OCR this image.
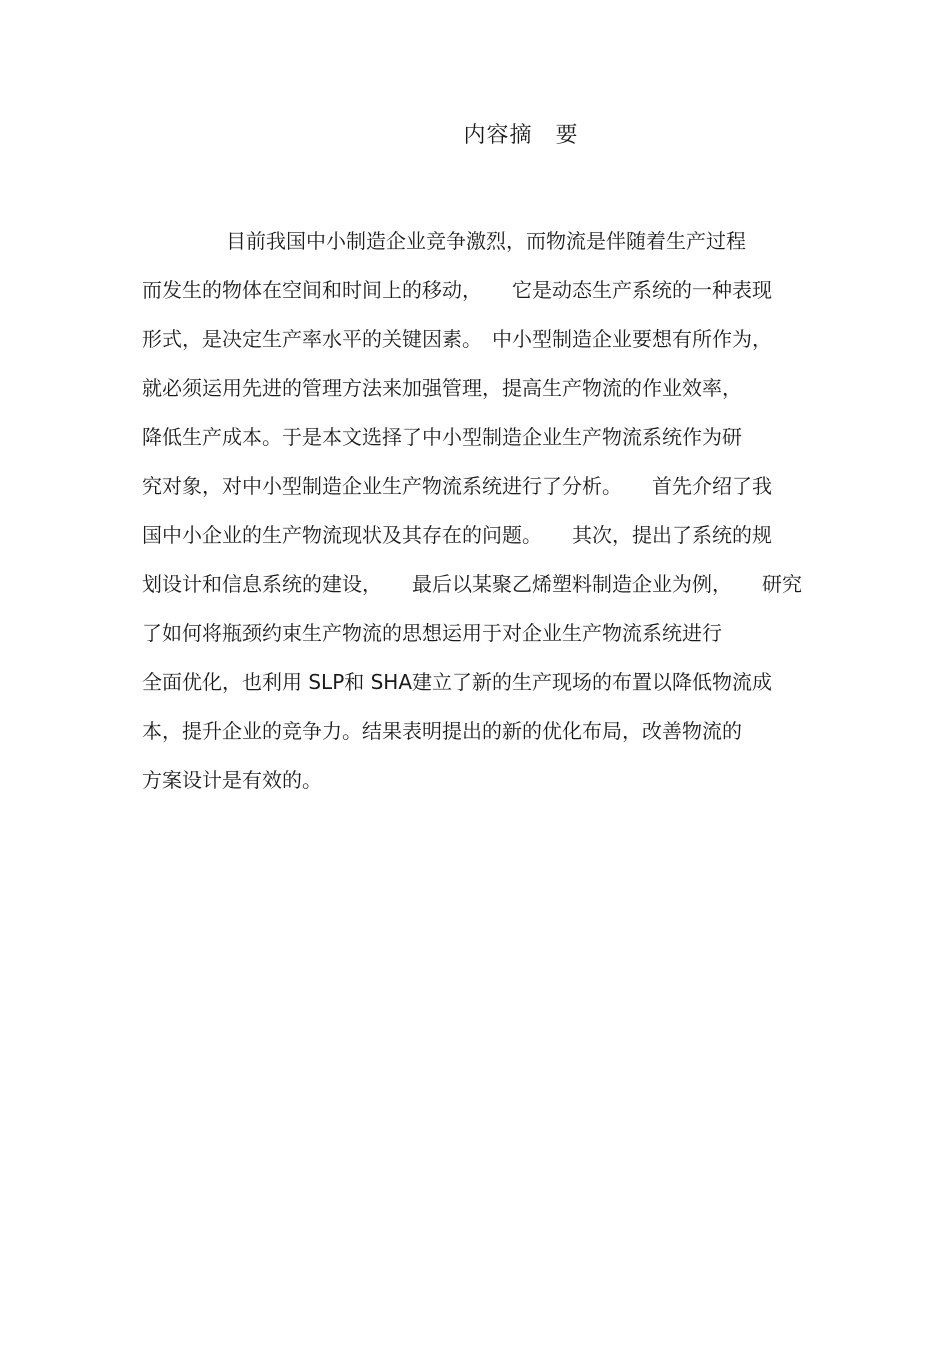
内容摘　要
目前我国中小制造企业竞争激烈，而物流是伴随着生产过程
而发生的物体在空间和时间上的移动，　　它是动态生产系统的一种表现
形式，是决定生产率水平的关键因素。　中小型制造企业要想有所作为，
就必须运用先进的管理方法来加强管理，提高生产物流的作业效率，
降低生产成本。于是本文选择了中小型制造企业生产物流系统作为研
究对象，对中小型制造企业生产物流系统进行了分析。　　首先介绍了我
国中小企业的生产物流现状及其存在的问题。　　其次，提出了系统的规
划设计和信息系统的建设，　　最后以某聚乙烯塑料制造企业为例，　　研究
了如何将瓶颈约束生产物流的思想运用于对企业生产物流系统进行
全面优化，也利用 SLP和 SHA建立了新的生产现场的布置以降低物流成
本，提升企业的竞争力。结果表明提出的新的优化布局，改善物流的
方案设计是有效的。
